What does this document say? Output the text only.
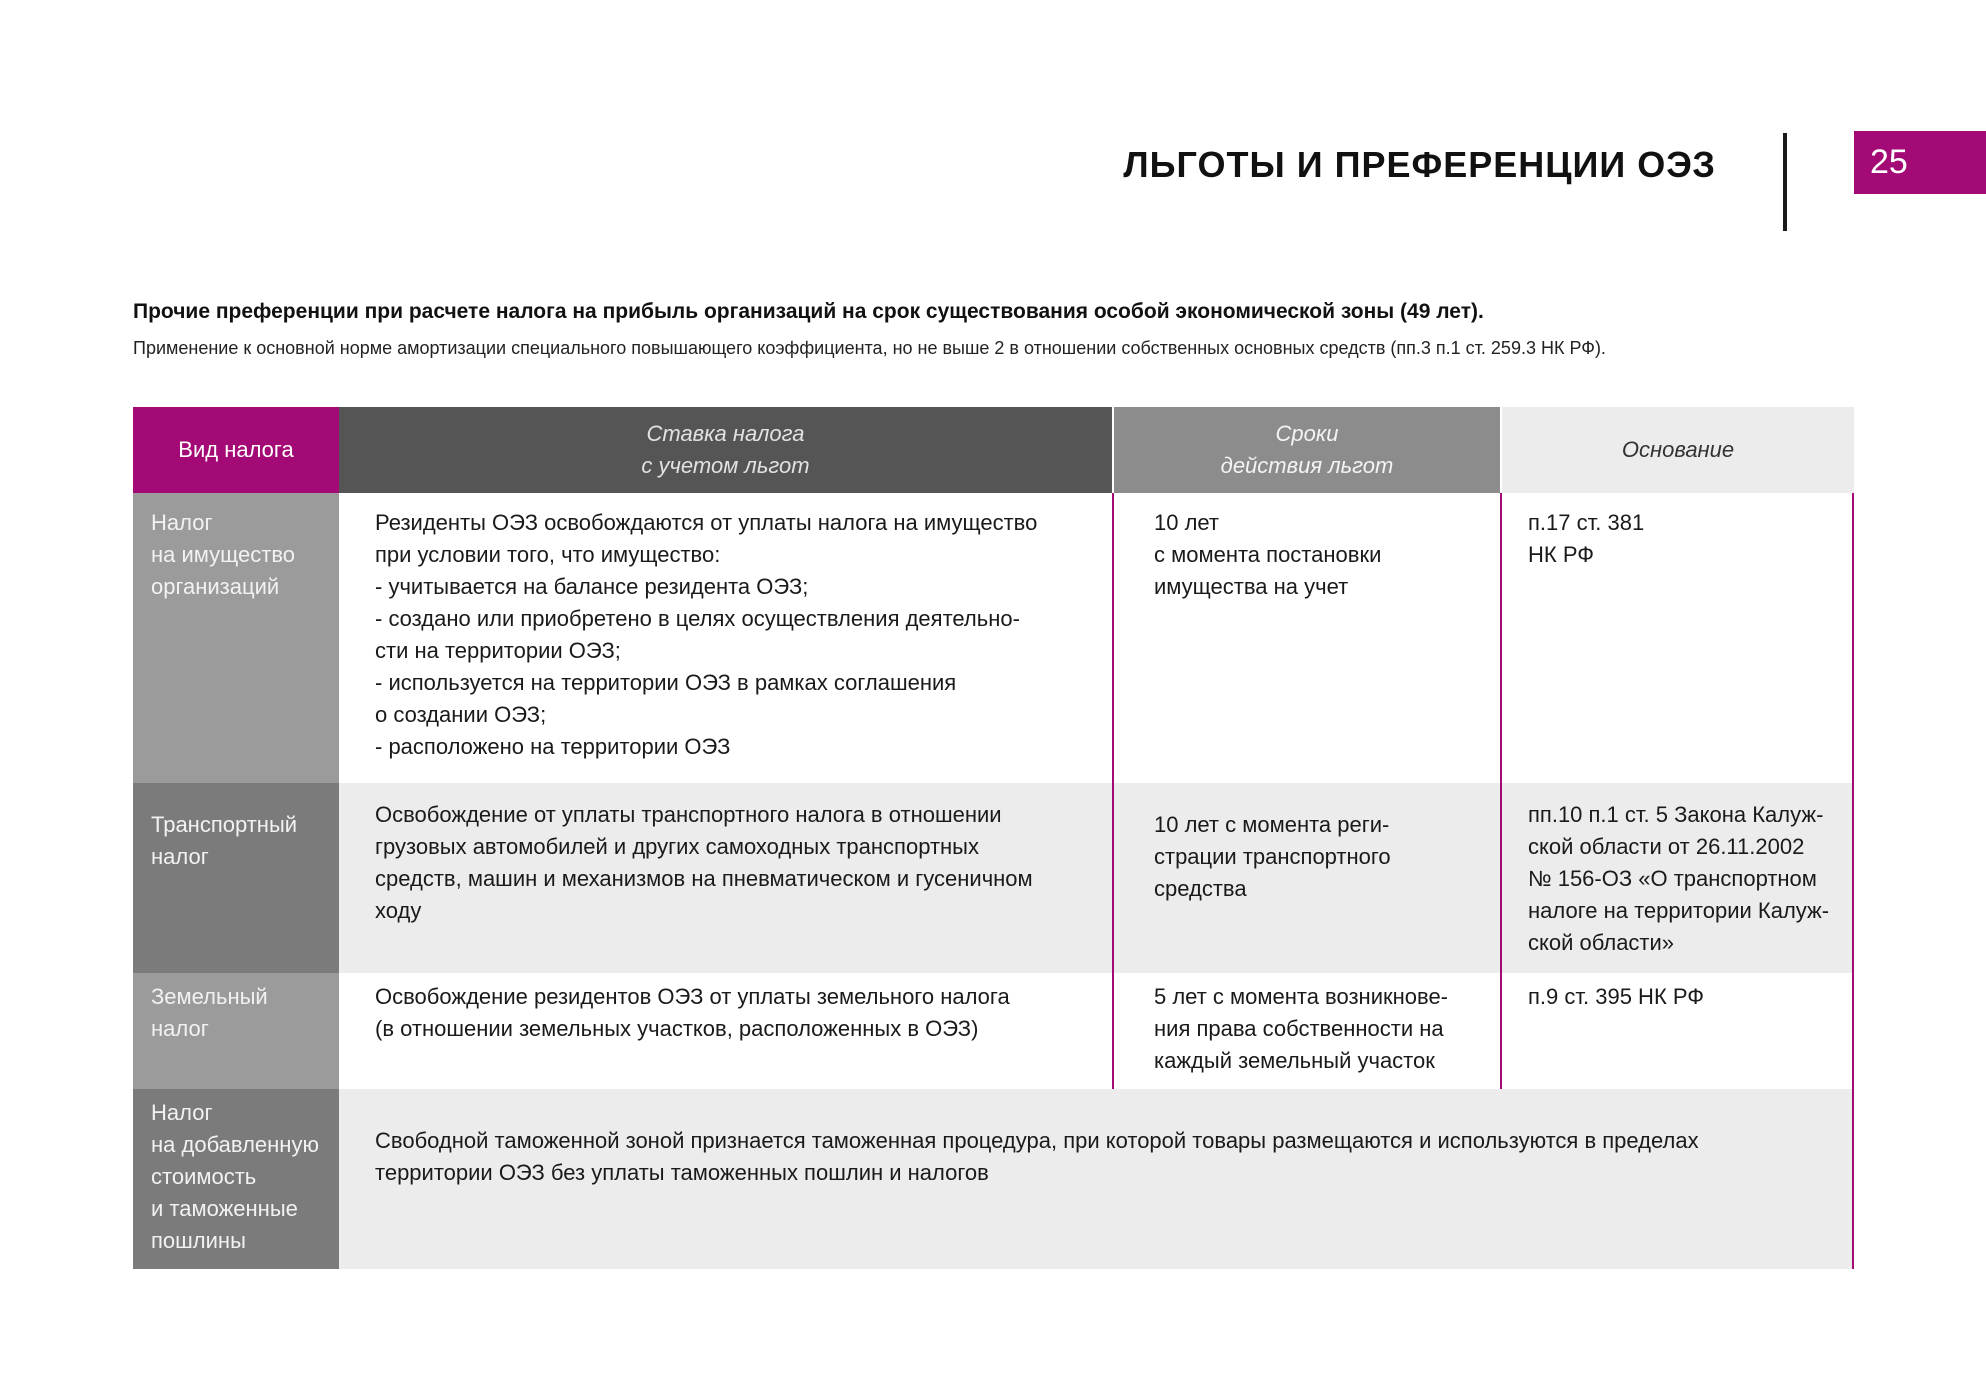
ЛЬГОТЫ И ПРЕФЕРЕНЦИИ ОЭЗ	25
Прочие преференции при расчете налога на прибыль организаций на срок существования особой экономической зоны (49 лет).
Применение к основной норме амортизации специального повышающего коэффициента, но не выше 2 в отношении собственных основных средств (пп.3 п.1 ст. 259.3 НК РФ).
Вид налога
Ставка налога
с учетом льгот
Сроки
действия льгот
Основание
Налог
на имущество
организаций
Резиденты ОЭЗ освобождаются от уплаты налога на имущество
при условии того, что имущество:
- учитывается на балансе резидента ОЭЗ;
- создано или приобретено в целях осуществления деятельно-
сти на территории ОЭЗ;
- используется на территории ОЭЗ в рамках соглашения
о создании ОЭЗ;
- расположено на территории ОЭЗ
10 лет
с момента постановки
имущества на учет
п.17 ст. 381
НК РФ
Транспортный
налог
Освобождение от уплаты транспортного налога в отношении
грузовых автомобилей и других самоходных транспортных
средств, машин и механизмов на пневматическом и гусеничном
ходу
10 лет с момента реги-
страции транспортного
средства
пп.10 п.1 ст. 5 Закона Калуж-
ской области от 26.11.2002
№ 156-ОЗ «О транспортном
налоге на территории Калуж-
ской области»
Земельный
налог
Освобождение резидентов ОЭЗ от уплаты земельного налога
(в отношении земельных участков, расположенных в ОЭЗ)
5 лет с момента возникнове-
ния права собственности на
каждый земельный участок
п.9 ст. 395 НК РФ
Налог
на добавленную
стоимость
и таможенные
пошлины
Свободной таможенной зоной признается таможенная процедура, при которой товары размещаются и используются в пределах
территории ОЭЗ без уплаты таможенных пошлин и налогов
